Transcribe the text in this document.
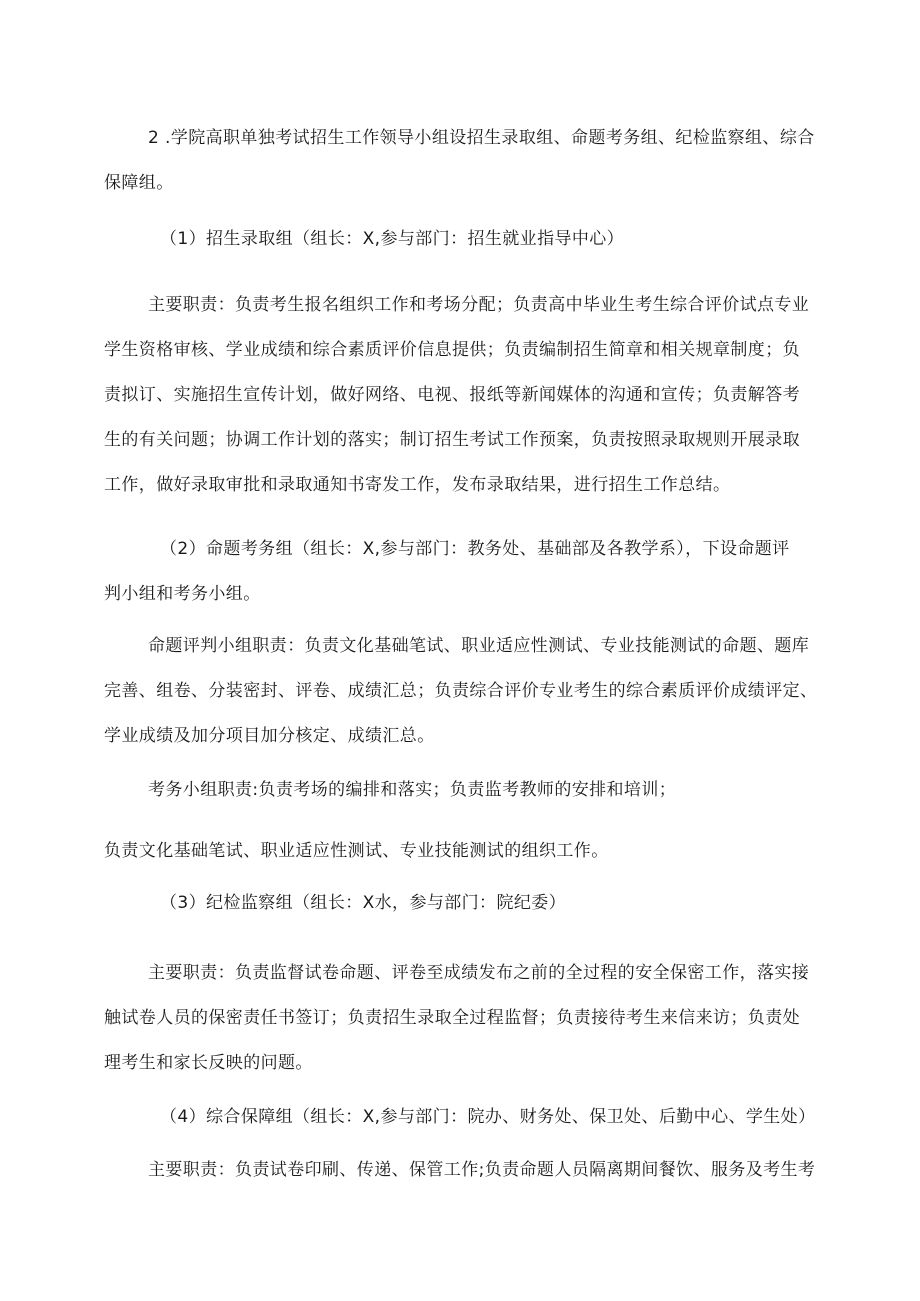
2 .学院高职单独考试招生工作领导小组设招生录取组、命题考务组、纪检监察组、综合
保障组。
（1）招生录取组（组长：X,参与部门：招生就业指导中心）
主要职责：负责考生报名组织工作和考场分配；负责高中毕业生考生综合评价试点专业
学生资格审核、学业成绩和综合素质评价信息提供；负责编制招生简章和相关规章制度；负
责拟订、实施招生宣传计划，做好网络、电视、报纸等新闻媒体的沟通和宣传；负责解答考
生的有关问题；协调工作计划的落实；制订招生考试工作预案，负责按照录取规则开展录取
工作，做好录取审批和录取通知书寄发工作，发布录取结果，进行招生工作总结。
（2）命题考务组（组长：X,参与部门：教务处、基础部及各教学系），下设命题评
判小组和考务小组。
命题评判小组职责：负责文化基础笔试、职业适应性测试、专业技能测试的命题、题库
完善、组卷、分装密封、评卷、成绩汇总；负责综合评价专业考生的综合素质评价成绩评定、
学业成绩及加分项目加分核定、成绩汇总。
考务小组职责:负责考场的编排和落实；负责监考教师的安排和培训；
负责文化基础笔试、职业适应性测试、专业技能测试的组织工作。
（3）纪检监察组（组长：X水，参与部门：院纪委）
主要职责：负责监督试卷命题、评卷至成绩发布之前的全过程的安全保密工作，落实接
触试卷人员的保密责任书签订；负责招生录取全过程监督；负责接待考生来信来访；负责处
理考生和家长反映的问题。
（4）综合保障组（组长：X,参与部门：院办、财务处、保卫处、后勤中心、学生处）
主要职责：负责试卷印刷、传递、保管工作;负责命题人员隔离期间餐饮、服务及考生考
